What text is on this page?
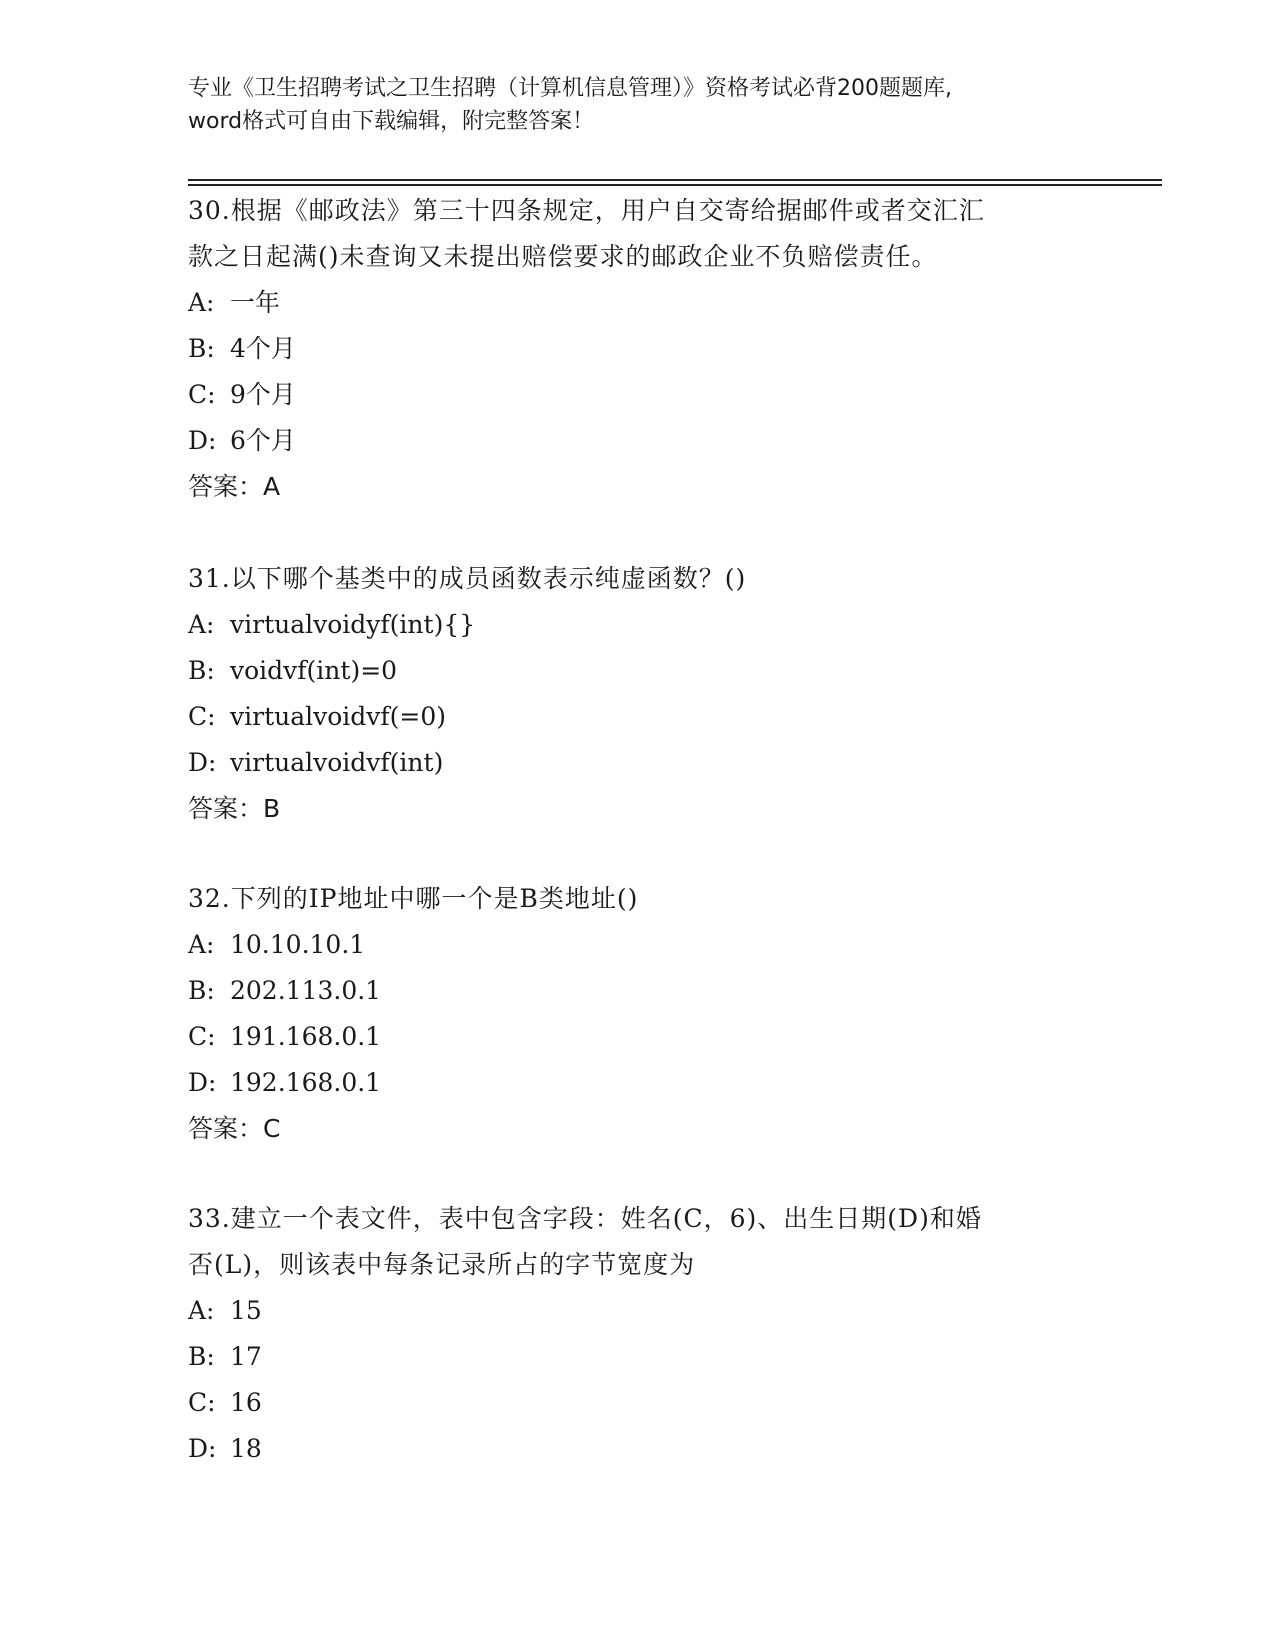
专业《卫生招聘考试之卫生招聘（计算机信息管理）》资格考试必背200题题库,
word格式可自由下载编辑，附完整答案！
30.根据《邮政法》第三十四条规定，用户自交寄给据邮件或者交汇汇
款之日起满()未查询又未提出赔偿要求的邮政企业不负赔偿责任。
A: 一年
B: 4个月
C: 9个月
D: 6个月
答案：A
31.以下哪个基类中的成员函数表示纯虚函数？()
A: virtualvoidyf(int){}
B: voidvf(int)=0
C: virtualvoidvf(=0)
D: virtualvoidvf(int)
答案：B
32.下列的IP地址中哪一个是B类地址()
A: 10.10.10.1
B: 202.113.0.1
C: 191.168.0.1
D: 192.168.0.1
答案：C
33.建立一个表文件，表中包含字段：姓名(C，6)、出生日期(D)和婚
否(L)，则该表中每条记录所占的字节宽度为
A: 15
B: 17
C: 16
D: 18
